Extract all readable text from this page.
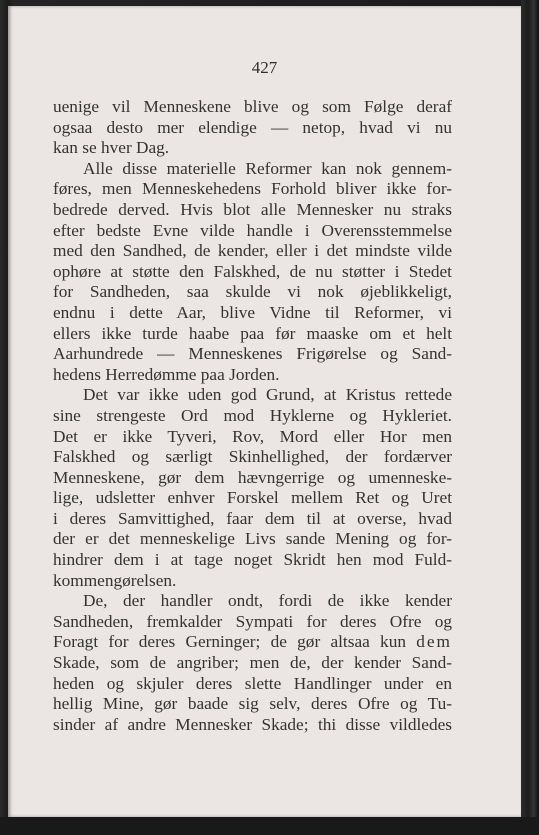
427
uenige vil Menneskene blive og som Følge deraf
ogsaa desto mer elendige — netop, hvad vi nu
kan se hver Dag.
Alle disse materielle Reformer kan nok gennem-
føres, men Menneskehedens Forhold bliver ikke for-
bedrede derved. Hvis blot alle Mennesker nu straks
efter bedste Evne vilde handle i Overensstemmelse
med den Sandhed, de kender, eller i det mindste vilde
ophøre at støtte den Falskhed, de nu støtter i Stedet
for Sandheden, saa skulde vi nok øjeblikkeligt,
endnu i dette Aar, blive Vidne til Reformer, vi
ellers ikke turde haabe paa før maaske om et helt
Aarhundrede — Menneskenes Frigørelse og Sand-
hedens Herredømme paa Jorden.
Det var ikke uden god Grund, at Kristus rettede
sine strengeste Ord mod Hyklerne og Hykleriet.
Det er ikke Tyveri, Rov, Mord eller Hor men
Falskhed og særligt Skinhellighed, der fordærver
Menneskene, gør dem hævngerrige og umenneske-
lige, udsletter enhver Forskel mellem Ret og Uret
i deres Samvittighed, faar dem til at overse, hvad
der er det menneskelige Livs sande Mening og for-
hindrer dem i at tage noget Skridt hen mod Fuld-
kommengørelsen.
De, der handler ondt, fordi de ikke kender
Sandheden, fremkalder Sympati for deres Ofre og
Foragt for deres Gerninger; de gør altsaa kun dem
Skade, som de angriber; men de, der kender Sand-
heden og skjuler deres slette Handlinger under en
hellig Mine, gør baade sig selv, deres Ofre og Tu-
sinder af andre Mennesker Skade; thi disse vildledes
